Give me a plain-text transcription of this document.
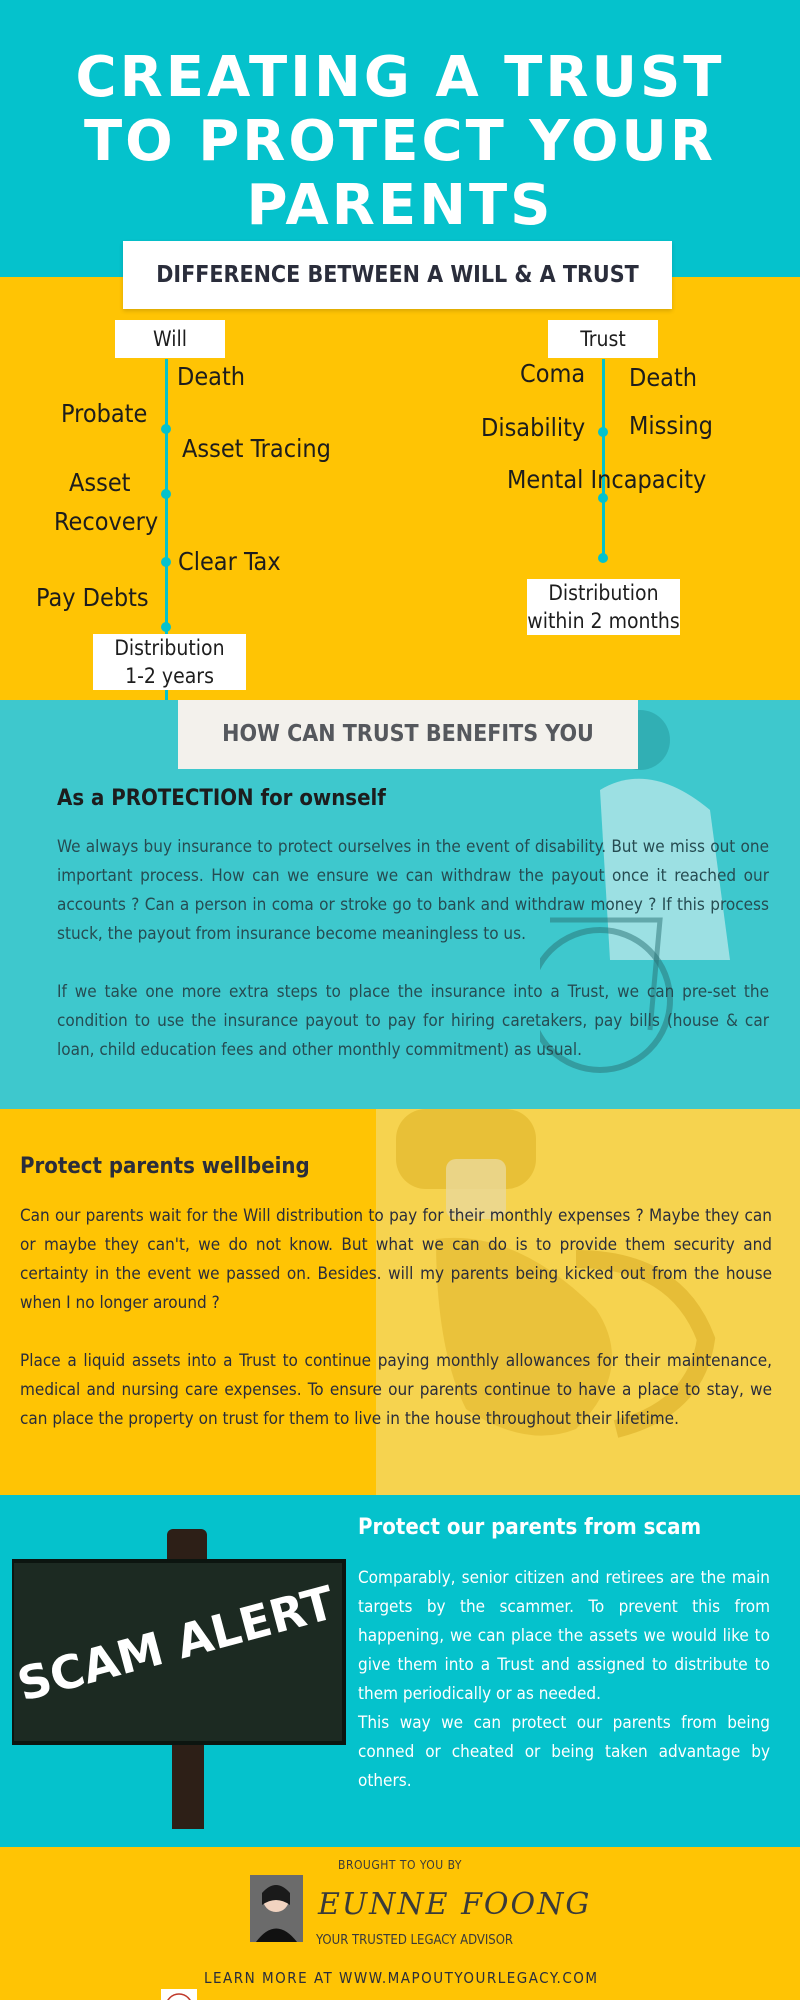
CREATING A TRUST
TO PROTECT YOUR
PARENTS
Will
Death
Probate
Asset Tracing
Asset
Recovery
Clear Tax
Pay Debts
Distribution
1-2 years
Trust
Coma Death
Disability Missing
Mental Incapacity
Distribution
within 2 months
DIFFERENCE BETWEEN A WILL & A TRUST
As a PROTECTION for ownself

We always buy insurance to protect ourselves in the event of disability. But we miss out one important process. How can we ensure we can withdraw the payout once it reached our accounts ? Can a person in coma or stroke go to bank and withdraw money ? If this process stuck, the payout from insurance become meaningless to us.

If we take one more extra steps to place the insurance into a Trust, we can pre-set the condition to use the insurance payout to pay for hiring caretakers, pay bills (house & car loan, child education fees and other monthly commitment) as usual.

HOW CAN TRUST BENEFITS YOU
Protect parents wellbeing

Can our parents wait for the Will distribution to pay for their monthly expenses ? Maybe they can or maybe they can't, we do not know. But what we can do is to provide them security and certainty in the event we passed on. Besides. will my parents being kicked out from the house when I no longer around ?

Place a liquid assets into a Trust to continue paying monthly allowances for their maintenance, medical and nursing care expenses. To ensure our parents continue to have a place to stay, we can place the property on trust for them to live in the house throughout their lifetime.

SCAM ALERT
Protect our parents from scam

Comparably, senior citizen and retirees are the main targets by the scammer. To prevent this from happening, we can place the assets we would like to give them into a Trust and assigned to distribute to them periodically or as needed.

This way we can protect our parents from being conned or cheated or being taken advantage by others.

BROUGHT TO YOU BY
EUNNE FOONG
YOUR TRUSTED LEGACY ADVISOR
LEARN MORE AT WWW.MAPOUTYOURLEGACY.COM
